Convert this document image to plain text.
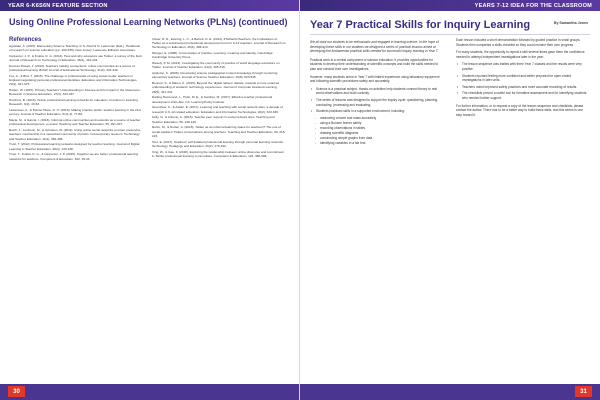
YEAR 6-K6S6N FEATURE SECTION
Using Online Professional Learning Networks (PLNs) (continued)
References
Agustian, A. (2007). Elementary Science Teaching. In S. Abell & N. Lederman (Eds.), Handbook of research on science education (pp. 493-535). New Jersey: Lawrence Erlbaum Associates.
Carpenter, J. P., & Krutka, D. G. (2014). How and why educators use Twitter: a survey of the field. Journal of Research on Technology in Education, 46(4), 414-434.
Duncan-Howell, J. (2010). Teachers making connections: online communities as a source of professional learning. British Journal of Educational Technology, 41(2), 324-340.
Fox, A., & Bird, T. (2015). The challenge to professionals of using social media: teachers in England negotiating personal-professional identities. Education and Information Technologies, 22(2), 647-675.
Harlen, W. (1997). Primary Teachers' Understanding in Science and its Impact in the Classroom. Research in Science Education, 27(3), 323-337.
Hutchins, B. (2015). Online professional learning networks for educators. Frontiers in Learning Research, 9(2), 43-53.
Lieberman, A., & Pointer Mace, D. H. (2010). Making practice public: teacher learning in the 21st century. Journal of Teacher Education, 61(1-2), 77-88.
Macia, M., & Garcia, I. (2016). Informal online communities and networks as a source of teacher professional development: a review. Teaching and Teacher Education, 55, 291-307.
Reich, J., Levinson, M., & Johnston, W. (2011). Using online social networks to foster preservice teachers' membership in a networked community of praxis. Contemporary Issues in Technology and Teacher Education, 11(4), 382-398.
Trust, T. (2012). Professional learning networks designed for teacher learning. Journal of Digital Learning in Teacher Education, 28(4), 133-138.
Trust, T., Krutka, D. G., & Carpenter, J. P. (2016). Together we are better: professional learning networks for teachers. Computers & Education, 102, 15-34.
Visser, R. D., Evering, L. C., & Barrett, D. E. (2014). #TwitterforTeachers: the implications of Twitter as a self-directed professional development tool for K-12 teachers. Journal of Research on Technology in Education, 46(4), 396-413.
Wenger, E. (1998). Communities of practice: Learning, meaning and identity. Cambridge: Cambridge University Press.
Wesely, P. M. (2013). Investigating the community of practice of world language educators on Twitter. Journal of Teacher Education, 64(4), 305-318.
Appleton, K. (2008). Developing science pedagogical content knowledge through mentoring elementary teachers. Journal of Science Teacher Education, 19(6), 523-545.
Bennett, S., & Maton, K. (2010). Beyond the 'digital natives' debate: towards a more nuanced understanding of students' technology experiences. Journal of Computer Assisted Learning, 26(5), 321-331.
Darling-Hammond, L., Hyler, M. E., & Gardner, M. (2017). Effective teacher professional development. Palo Alto, CA: Learning Policy Institute.
Greenhow, C., & Askari, E. (2017). Learning and teaching with social network sites: a decade of research in K-12 related education. Education and Information Technologies, 22(2), 623-645.
Kelly, N., & Antonio, A. (2016). Teacher peer support in social network sites. Teaching and Teacher Education, 56, 138-149.
Rehm, M., & Notten, A. (2016). Twitter as an informal learning space for teachers!? The role of social capital in Twitter conversations among teachers. Teaching and Teacher Education, 60, 215-223.
Tour, E. (2017). Teachers' self-initiated professional learning through personal learning networks. Technology, Pedagogy and Education, 26(2), 179-192.
Xing, W., & Gao, F. (2018). Exploring the relationship between online discourse and commitment in Twitter professional learning communities. Computers & Education, 126, 388-398.
30
YEARS 7-12 IDEA FOR THE CLASSROOM
Year 7 Practical Skills for Inquiry Learning	By Samantha Jones
We all want our students to be enthusiastic and engaged in learning science. In the hope of developing these skills in our students we designed a series of practical lessons aimed at developing the fundamental practical skills needed for successful inquiry learning in Year 7.
Practical work is a central component of science education. It provides opportunities for students to develop their understanding of scientific concepts and build the skills needed to plan and conduct their own investigations.
However, many students arrive in Year 7 with limited experience using laboratory equipment and following scientific procedures safely and accurately.
• Science is a practical subject. Hands-on activities help students connect theory to real world observations and build curiosity.
• The series of lessons was designed to support the inquiry cycle: questioning, planning, conducting, processing and evaluating.
• Students practised skills in a supported environment, including:
- measuring volume and mass accurately
- using a Bunsen burner safely
- recording observations in tables
- drawing scientific diagrams
- constructing simple graphs from data
- identifying variables in a fair test
Each lesson included a short demonstration followed by guided practice in small groups. Students then completed a skills checklist so they could monitor their own progress.
For many students, the opportunity to repeat a skill several times gave them the confidence needed to attempt independent investigations later in the year.
• The lesson sequence was trialled with three Year 7 classes and the results were very positive.
• Students reported feeling more confident and better prepared for open-ended investigations in later units.
• Teachers noted improved safety practices and more accurate recording of results.
• The checklists proved a useful tool for formative assessment and for identifying students who needed further support.
For further information, or to request a copy of the lesson sequence and checklists, please contact the author. There has to be a better way to build these skills, and this series is one step toward it.
31
